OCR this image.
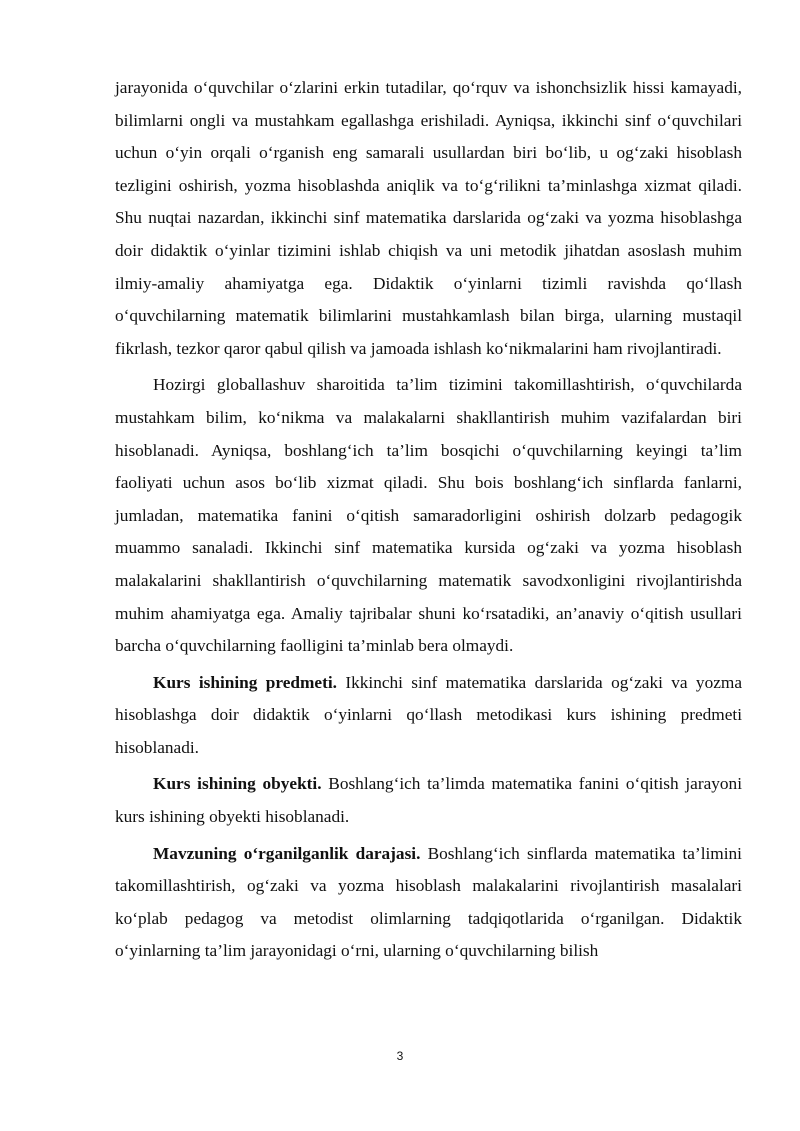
jarayonida o‘quvchilar o‘zlarini erkin tutadilar, qo‘rquv va ishonchsizlik hissi kamayadi, bilimlarni ongli va mustahkam egallashga erishiladi. Ayniqsa, ikkinchi sinf o‘quvchilari uchun o‘yin orqali o‘rganish eng samarali usullardan biri bo‘lib, u og‘zaki hisoblash tezligini oshirish, yozma hisoblashda aniqlik va to‘g‘rilikni ta’minlashga xizmat qiladi. Shu nuqtai nazardan, ikkinchi sinf matematika darslarida og‘zaki va yozma hisoblashga doir didaktik o‘yinlar tizimini ishlab chiqish va uni metodik jihatdan asoslash muhim ilmiy-amaliy ahamiyatga ega. Didaktik o‘yinlarni tizimli ravishda qo‘llash o‘quvchilarning matematik bilimlarini mustahkamlash bilan birga, ularning mustaqil fikrlash, tezkor qaror qabul qilish va jamoada ishlash ko‘nikmalarini ham rivojlantiradi.

Hozirgi globallashuv sharoitida ta’lim tizimini takomillashtirish, o‘quvchilarda mustahkam bilim, ko‘nikma va malakalarni shakllantirish muhim vazifalardan biri hisoblanadi. Ayniqsa, boshlang‘ich ta’lim bosqichi o‘quvchilarning keyingi ta’lim faoliyati uchun asos bo‘lib xizmat qiladi. Shu bois boshlang‘ich sinflarda fanlarni, jumladan, matematika fanini o‘qitish samaradorligini oshirish dolzarb pedagogik muammo sanaladi. Ikkinchi sinf matematika kursida og‘zaki va yozma hisoblash malakalarini shakllantirish o‘quvchilarning matematik savodxonligini rivojlantirishda muhim ahamiyatga ega. Amaliy tajribalar shuni ko‘rsatadiki, an’anaviy o‘qitish usullari barcha o‘quvchilarning faolligini ta’minlab bera olmaydi.

Kurs ishining predmeti. Ikkinchi sinf matematika darslarida og‘zaki va yozma hisoblashga doir didaktik o‘yinlarni qo‘llash metodikasi kurs ishining predmeti hisoblanadi.

Kurs ishining obyekti. Boshlang‘ich ta’limda matematika fanini o‘qitish jarayoni kurs ishining obyekti hisoblanadi.

Mavzuning o‘rganilganlik darajasi. Boshlang‘ich sinflarda matematika ta’limini takomillashtirish, og‘zaki va yozma hisoblash malakalarini rivojlantirish masalalari ko‘plab pedagog va metodist olimlarning tadqiqotlarida o‘rganilgan. Didaktik o‘yinlarning ta’lim jarayonidagi o‘rni, ularning o‘quvchilarning bilish

3
